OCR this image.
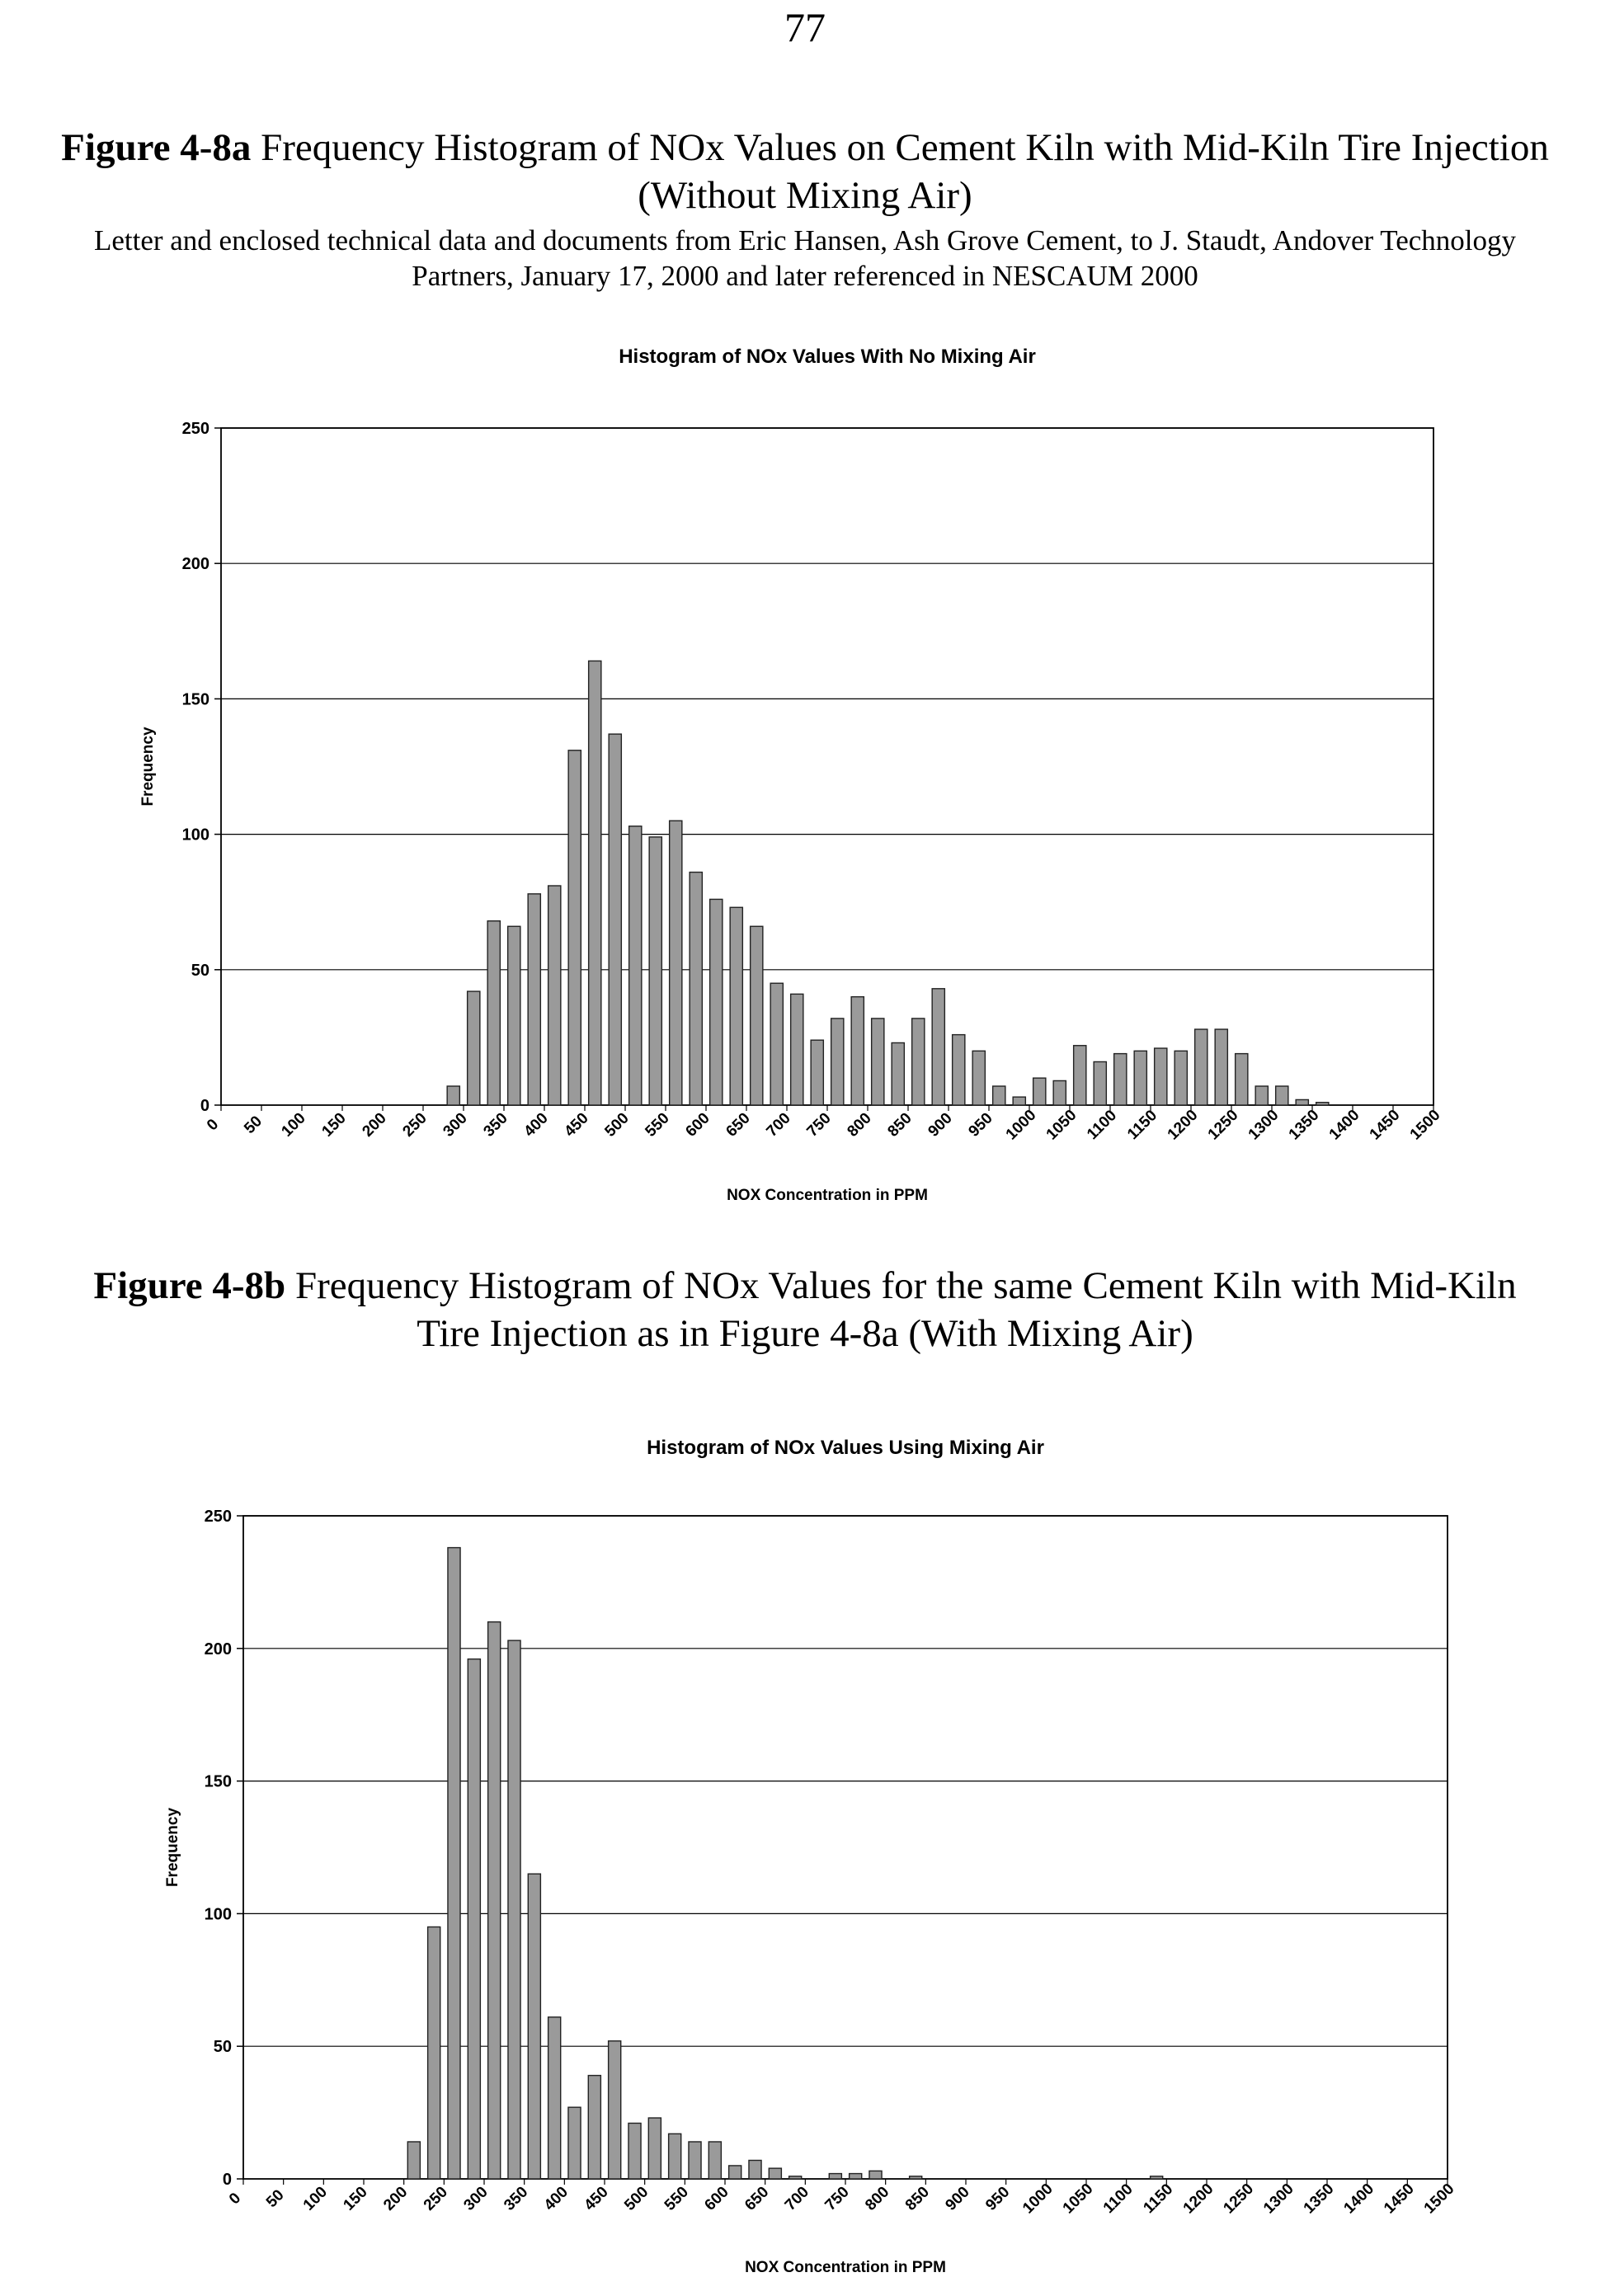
77
Figure 4-8a Frequency Histogram of NOx Values on Cement Kiln with Mid-Kiln Tire Injection
(Without Mixing Air)
Letter and enclosed technical data and documents from Eric Hansen, Ash Grove Cement, to J. Staudt, Andover Technology
Partners, January 17, 2000 and later referenced in NESCAUM 2000
Histogram of NOx Values With No Mixing Air
0
50
100
150
200
250
0 50 100 150 200 250 300 350 400 450 500 550 600 650 700 750 800 850 900 950 1000 1050 1100 1150 1200 1250 1300 1350 1400 1450 1500
NOX Concentration in PPM
Frequency
Figure 4-8b Frequency Histogram of NOx Values for the same Cement Kiln with Mid-Kiln
Tire Injection as in Figure 4-8a (With Mixing Air)
Histogram of NOx Values Using Mixing Air
0
50
100
150
200
250
0 50 100 150 200 250 300 350 400 450 500 550 600 650 700 750 800 850 900 950 1000 1050 1100 1150 1200 1250 1300 1350 1400 1450 1500
NOX Concentration in PPM
Frequency
